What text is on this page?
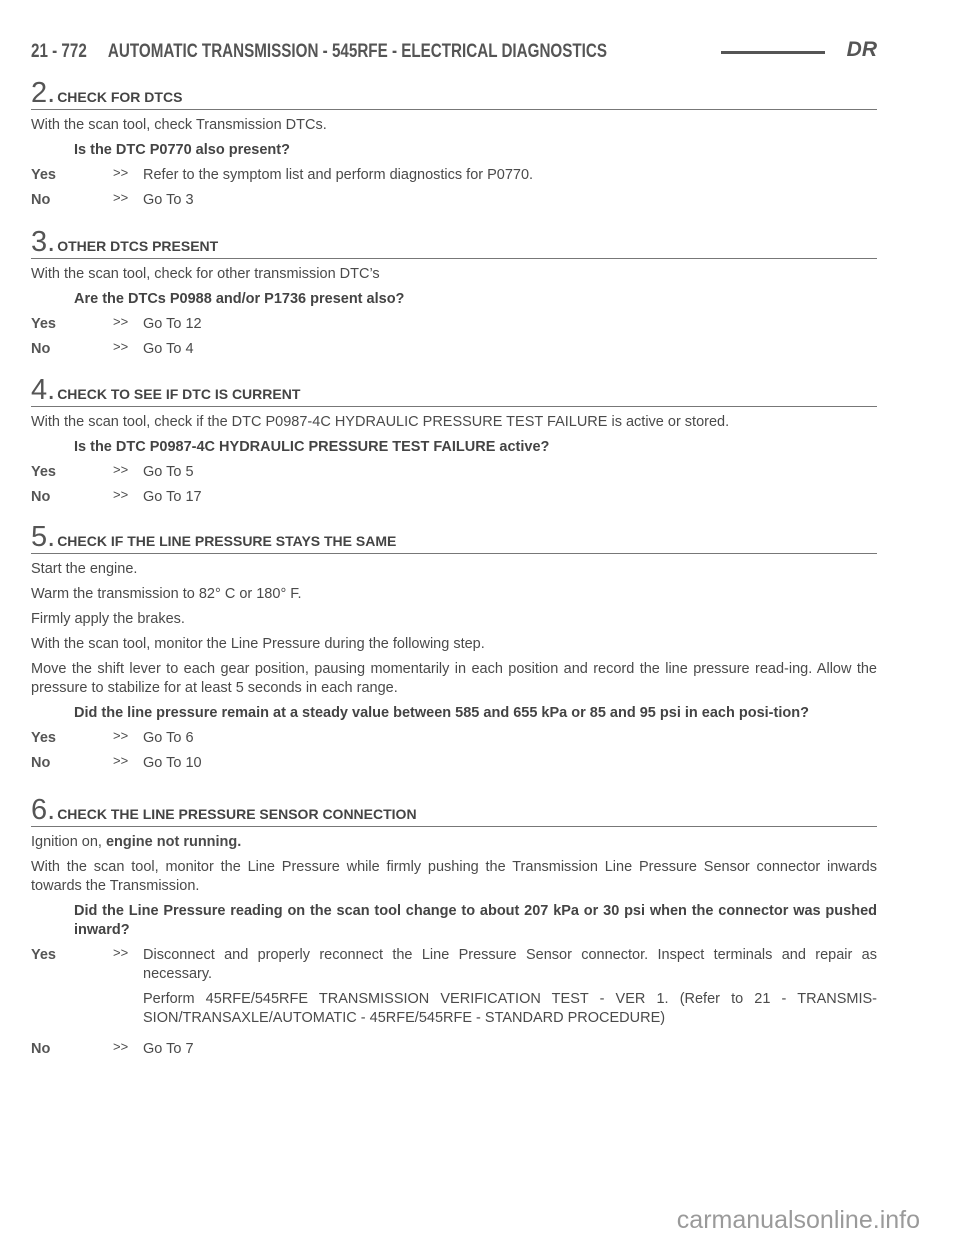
21 - 772 AUTOMATIC TRANSMISSION - 545RFE - ELECTRICAL DIAGNOSTICS	DR
2. CHECK FOR DTCS

With the scan tool, check Transmission DTCs.

Is the DTC P0770 also present?

Yes	>>	Refer to the symptom list and perform diagnostics for P0770.
No	>>	Go To 3
3. OTHER DTCS PRESENT

With the scan tool, check for other transmission DTC’s

Are the DTCs P0988 and/or P1736 present also?

Yes	>>	Go To 12
No	>>	Go To 4
4. CHECK TO SEE IF DTC IS CURRENT

With the scan tool, check if the DTC P0987-4C HYDRAULIC PRESSURE TEST FAILURE is active or stored.

Is the DTC P0987-4C HYDRAULIC PRESSURE TEST FAILURE active?

Yes	>>	Go To 5
No	>>	Go To 17
5. CHECK IF THE LINE PRESSURE STAYS THE SAME

Start the engine.

Warm the transmission to 82° C or 180° F.

Firmly apply the brakes.

With the scan tool, monitor the Line Pressure during the following step.

Move the shift lever to each gear position, pausing momentarily in each position and record the line pressure read-ing. Allow the pressure to stabilize for at least 5 seconds in each range.

Did the line pressure remain at a steady value between 585 and 655 kPa or 85 and 95 psi in each posi-tion?

Yes	>>	Go To 6
No	>>	Go To 10
6. CHECK THE LINE PRESSURE SENSOR CONNECTION

Ignition on, engine not running.

With the scan tool, monitor the Line Pressure while firmly pushing the Transmission Line Pressure Sensor connector inwards towards the Transmission.

Did the Line Pressure reading on the scan tool change to about 207 kPa or 30 psi when the connector was pushed inward?

Yes	>>	Disconnect and properly reconnect the Line Pressure Sensor connector. Inspect terminals and repair as necessary.
Perform 45RFE/545RFE TRANSMISSION VERIFICATION TEST - VER 1. (Refer to 21 - TRANSMIS-SION/TRANSAXLE/AUTOMATIC - 45RFE/545RFE - STANDARD PROCEDURE)
No	>>	Go To 7
carmanualsonline.info
